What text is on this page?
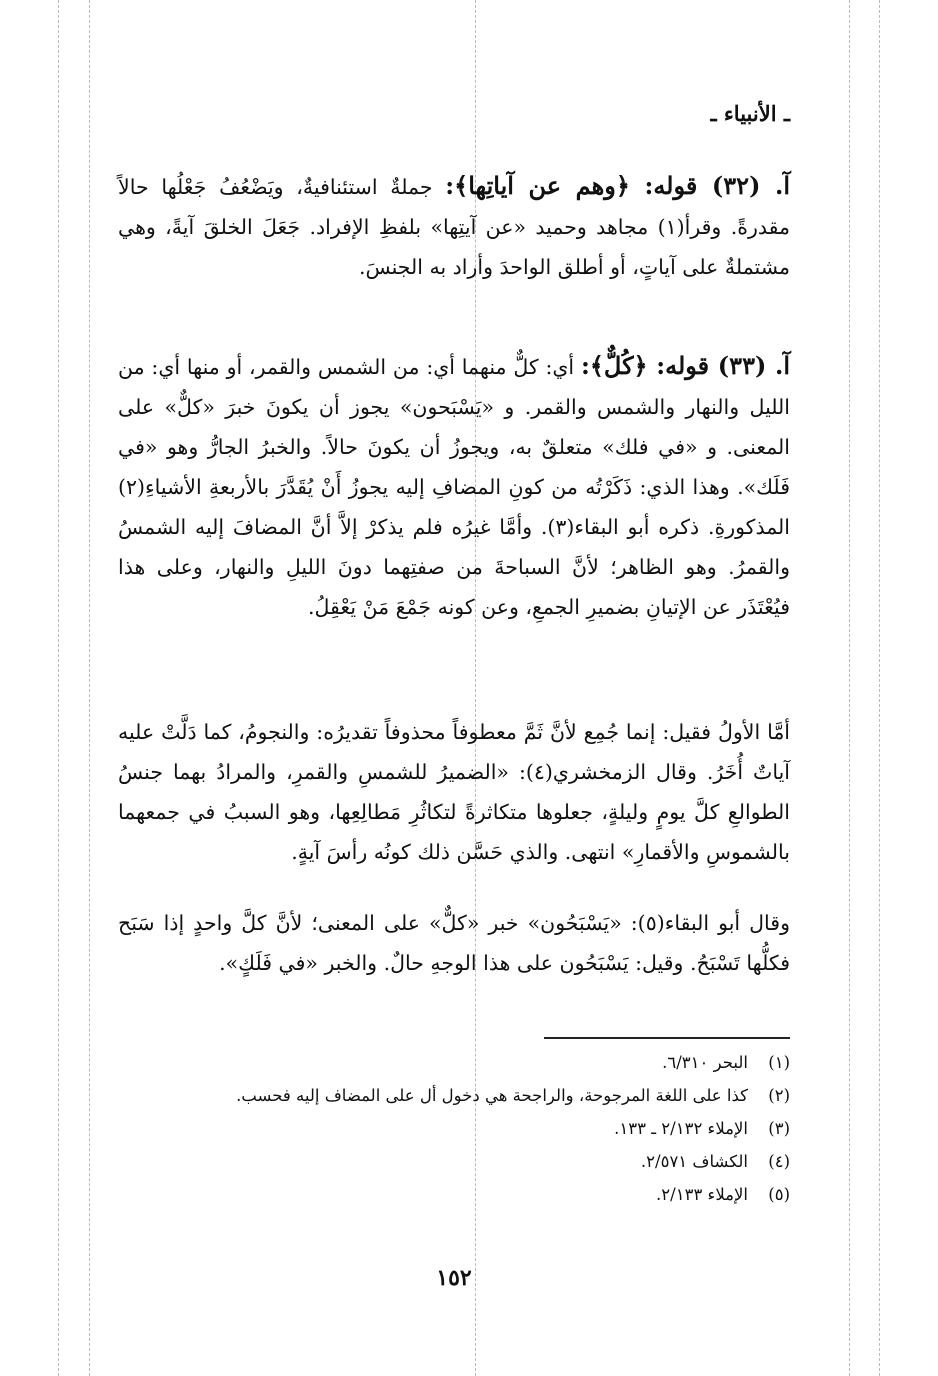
ـ الأنبياء ـ
آ. (٣٢) قوله: ﴿وهم عن آياتِها﴾: جملةٌ استئنافيةٌ، ويَضْعُفُ جَعْلُها حالاً مقدرةً. وقرأ(١) مجاهد وحميد «عن آيتِها» بلفظِ الإفراد. جَعَلَ الخلقَ آيةً، وهي مشتملةٌ على آياتٍ، أو أطلق الواحدَ وأراد به الجنسَ.
آ. (٣٣) قوله: ﴿كُلٌّ﴾: أي: كلٌّ منهما أي: من الشمس والقمر، أو منها أي: من الليل والنهار والشمس والقمر. و «يَسْبَحون» يجوز أن يكونَ خبرَ «كلٌّ» على المعنى. و «في فلك» متعلقٌ به، ويجوزُ أن يكونَ حالاً. والخبرُ الجارُّ وهو «في فَلَك». وهذا الذي: ذَكَرْتُه من كونِ المضافِ إليه يجوزُ أَنْ يُقَدَّرَ بالأربعةِ الأشياءِ(٢) المذكورةِ. ذكره أبو البقاء(٣). وأمَّا غيرُه فلم يذكرْ إلاَّ أنَّ المضافَ إليه الشمسُ والقمرُ. وهو الظاهر؛ لأنَّ السباحةَ من صفتِهما دونَ الليلِ والنهار، وعلى هذا فيُعْتَذَر عن الإتيانِ بضميرِ الجمعِ، وعن كونه جَمْعَ مَنْ يَعْقِلُ.
أمَّا الأولُ فقيل: إنما جُمِع لأنَّ ثَمَّ معطوفاً محذوفاً تقديرُه: والنجومُ، كما دَلَّتْ عليه آياتٌ أُخَرُ. وقال الزمخشري(٤): «الضميرُ للشمسِ والقمرِ، والمرادُ بهما جنسُ الطوالعِ كلَّ يومٍ وليلةٍ، جعلوها متكاثرةً لتكاثُرِ مَطالِعِها، وهو السببُ في جمعهما بالشموسِ والأقمارِ» انتهى. والذي حَسَّن ذلك كونُه رأسَ آيةٍ.
وقال أبو البقاء(٥): «يَسْبَحُون» خبر «كلٌّ» على المعنى؛ لأنَّ كلَّ واحدٍ إذا سَبَح فكلُّها تَسْبَحُ. وقيل: يَسْبَحُون على هذا الوجهِ حالٌ. والخبر «في فَلَكٍ».
(١)
البحر ٦/٣١٠.
(٢)
كذا على اللغة المرجوحة، والراجحة هي دخول أل على المضاف إليه فحسب.
(٣)
الإملاء ٢/١٣٢ ـ ١٣٣.
(٤)
الكشاف ٢/٥٧١.
(٥)
الإملاء ٢/١٣٣.
١٥٢
